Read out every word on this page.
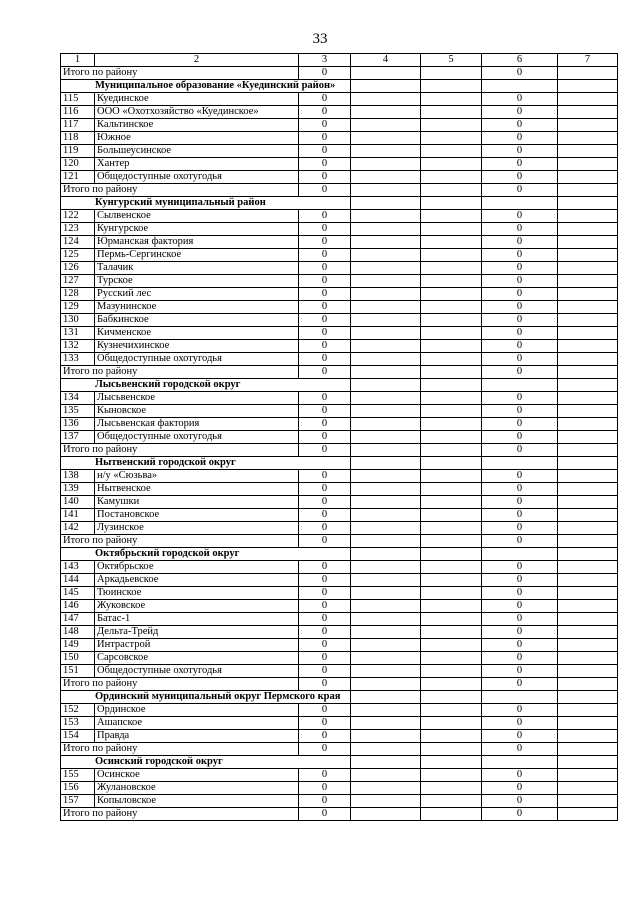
33
1	2	3	4	5	6	7
Итого по району		0			0	
Муниципальное образование «Куединский район»						
115	Куединское	0			0	
116	ООО «Охотхозяйство «Куединское»	0			0	
117	Кальтинское	0			0	
118	Южное	0			0	
119	Большеусинское	0			0	
120	Хантер	0			0	
121	Общедоступные охотугодья	0			0	
Итого по району		0			0	
Кунгурский муниципальный район						
122	Сылвенское	0			0	
123	Кунгурское	0			0	
124	Юрманская фактория	0			0	
125	Пермь-Сергинское	0			0	
126	Талачик	0			0	
127	Турское	0			0	
128	Русский лес	0			0	
129	Мазунинское	0			0	
130	Бабкинское	0			0	
131	Кичменское	0			0	
132	Кузнечихинское	0			0	
133	Общедоступные охотугодья	0			0	
Итого по району		0			0	
Лысьвенский городской округ						
134	Лысьвенское	0			0	
135	Кыновское	0			0	
136	Лысьвенская фактория	0			0	
137	Общедоступные охотугодья	0			0	
Итого по району		0			0	
Нытвенский городской округ						
138	н/у «Сюзьва»	0			0	
139	Нытвенское	0			0	
140	Камушки	0			0	
141	Постановское	0			0	
142	Лузинское	0			0	
Итого по району		0			0	
Октябрьский городской округ						
143	Октябрьское	0			0	
144	Аркадьевское	0			0	
145	Тюинское	0			0	
146	Жуковское	0			0	
147	Батас-1	0			0	
148	Дельта-Трейд	0			0	
149	Интрастрой	0			0	
150	Сарсовское	0			0	
151	Общедоступные охотугодья	0			0	
Итого по району		0			0	
Ординский муниципальный округ Пермского края						
152	Ординское	0			0	
153	Ашапское	0			0	
154	Правда	0			0	
Итого по району		0			0	
Осинский городской округ						
155	Осинское	0			0	
156	Жулановское	0			0	
157	Копыловское	0			0	
Итого по району		0			0	
